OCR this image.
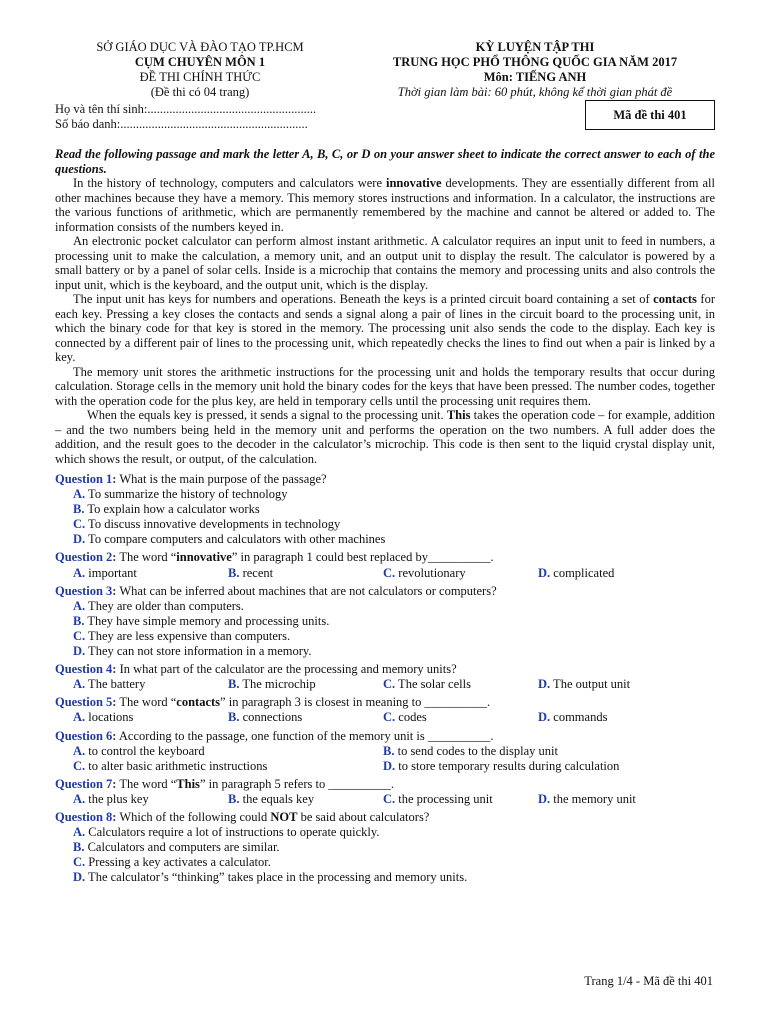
SỞ GIÁO DỤC VÀ ĐÀO TẠO TP.HCM
CỤM CHUYÊN MÔN 1
ĐỀ THI CHÍNH THỨC
(Đề thi có 04 trang)
KỲ LUYỆN TẬP THI
TRUNG HỌC PHỔ THÔNG QUỐC GIA NĂM 2017
Môn: TIẾNG ANH
Thời gian làm bài: 60 phút, không kể thời gian phát đề
Họ và tên thí sinh:......................................................
Số báo danh:............................................................
Mã đề thi 401
Read the following passage and mark the letter A, B, C, or D on your answer sheet to indicate the correct answer to each of the questions.

In the history of technology, computers and calculators were innovative developments. They are essentially different from all other machines because they have a memory. This memory stores instructions and information. In a calculator, the instructions are the various functions of arithmetic, which are permanently remembered by the machine and cannot be altered or added to. The information consists of the numbers keyed in.

An electronic pocket calculator can perform almost instant arithmetic. A calculator requires an input unit to feed in numbers, a processing unit to make the calculation, a memory unit, and an output unit to display the result. The calculator is powered by a small battery or by a panel of solar cells. Inside is a microchip that contains the memory and processing units and also controls the input unit, which is the keyboard, and the output unit, which is the display.

The input unit has keys for numbers and operations. Beneath the keys is a printed circuit board containing a set of contacts for each key. Pressing a key closes the contacts and sends a signal along a pair of lines in the circuit board to the processing unit, in which the binary code for that key is stored in the memory. The processing unit also sends the code to the display. Each key is connected by a different pair of lines to the processing unit, which repeatedly checks the lines to find out when a pair is linked by a key.

The memory unit stores the arithmetic instructions for the processing unit and holds the temporary results that occur during calculation. Storage cells in the memory unit hold the binary codes for the keys that have been pressed. The number codes, together with the operation code for the plus key, are held in temporary cells until the processing unit requires them.

When the equals key is pressed, it sends a signal to the processing unit. This takes the operation code – for example, addition – and the two numbers being held in the memory unit and performs the operation on the two numbers. A full adder does the addition, and the result goes to the decoder in the calculator’s microchip. This code is then sent to the liquid crystal display unit, which shows the result, or output, of the calculation.

Question 1: What is the main purpose of the passage?
A. To summarize the history of technology
B. To explain how a calculator works
C. To discuss innovative developments in technology
D. To compare computers and calculators with other machines
Question 2: The word “innovative” in paragraph 1 could best replaced by__________.
A. important	B. recent	C. revolutionary	D. complicated
Question 3: What can be inferred about machines that are not calculators or computers?
A. They are older than computers.
B. They have simple memory and processing units.
C. They are less expensive than computers.
D. They can not store information in a memory.
Question 4: In what part of the calculator are the processing and memory units?
A. The battery	B. The microchip	C. The solar cells	D. The output unit
Question 5: The word “contacts” in paragraph 3 is closest in meaning to __________.
A. locations	B. connections	C. codes	D. commands
Question 6: According to the passage, one function of the memory unit is __________.
A. to control the keyboard	B. to send codes to the display unit
C. to alter basic arithmetic instructions	D. to store temporary results during calculation
Question 7: The word “This” in paragraph 5 refers to __________.
A. the plus key	B. the equals key	C. the processing unit	D. the memory unit
Question 8: Which of the following could NOT be said about calculators?
A. Calculators require a lot of instructions to operate quickly.
B. Calculators and computers are similar.
C. Pressing a key activates a calculator.
D. The calculator’s “thinking” takes place in the processing and memory units.
Trang 1/4 - Mã đề thi 401
